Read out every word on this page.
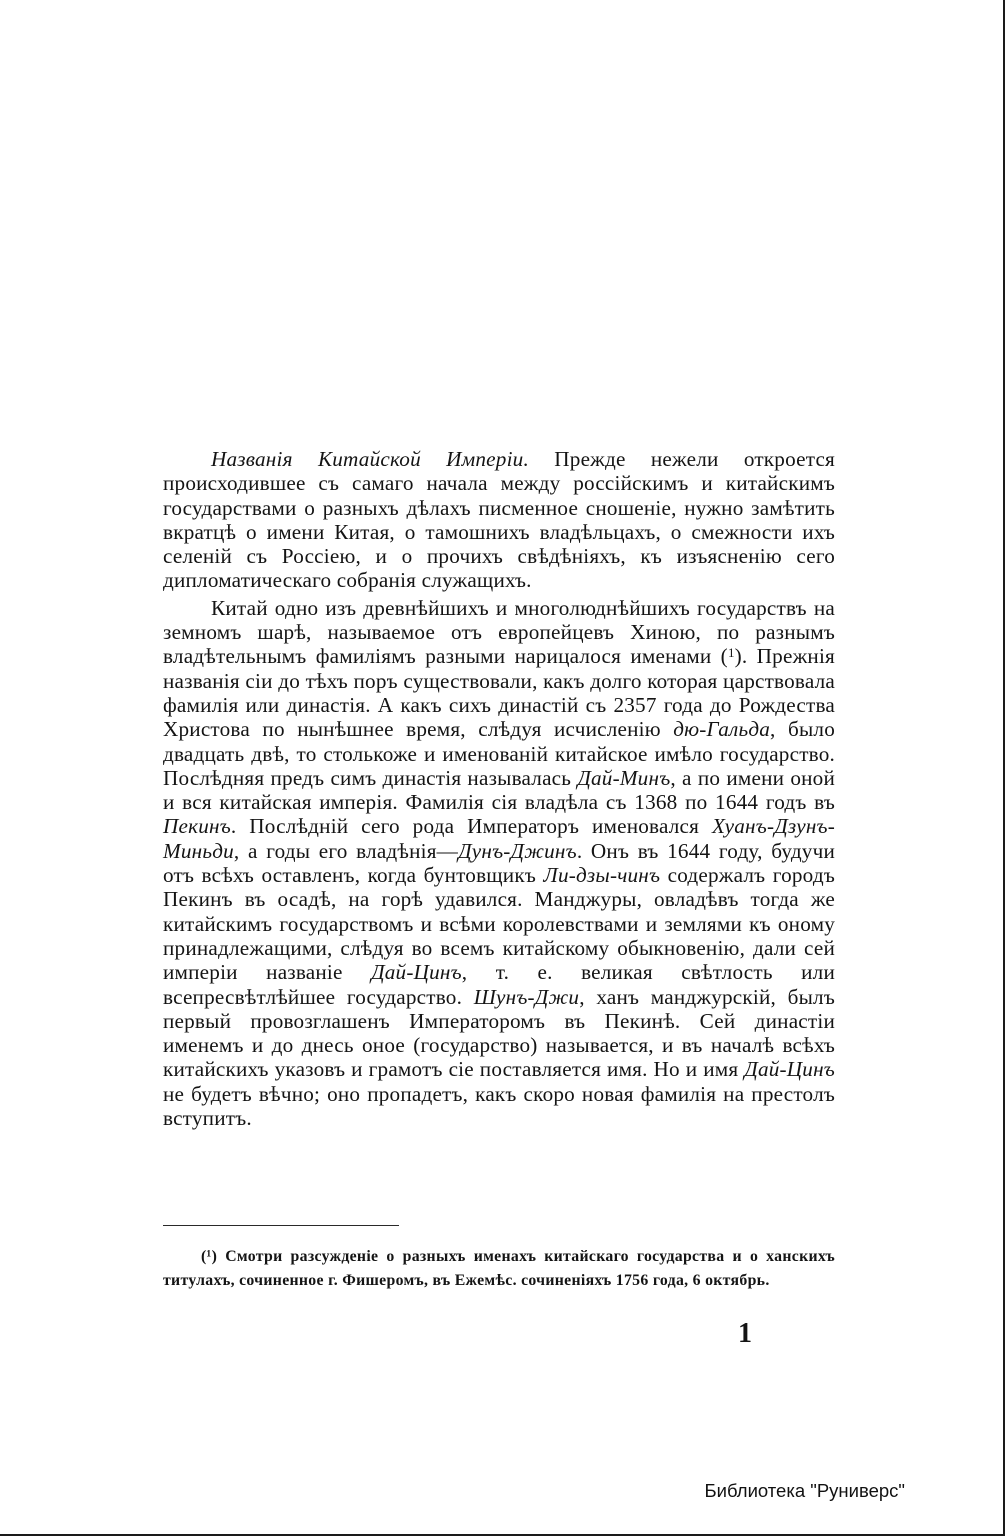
Названія Китайской Имперіи. Прежде нежели откроется происходившее съ самаго начала между россійскимъ и китайскимъ государствами о разныхъ дѣлахъ писменное сношеніе, нужно замѣтить вкратцѣ о имени Китая, о тамошнихъ владѣльцахъ, о смежности ихъ селеній съ Россіею, и о прочихъ свѣдѣніяхъ, къ изъясненію сего дипломатическаго собранія служащихъ.

Китай одно изъ древнѣйшихъ и многолюднѣйшихъ государствъ на земномъ шарѣ, называемое отъ европейцевъ Хиною, по разнымъ владѣтельнымъ фамиліямъ разными нарицалося именами ($^1$). Прежнія названія сіи до тѣхъ поръ существовали, какъ долго которая царствовала фамилія или династія. А какъ сихъ династій съ 2357 года до Рождества Христова по нынѣшнее время, слѣдуя исчисленію дю-Гальда, было двадцать двѣ, то столькоже и именованій китайское имѣло государство. Послѣдняя предъ симъ династія называлась Дай-Минъ, а по имени оной и вся китайская имперія. Фамилія сія владѣла съ 1368 по 1644 годъ въ Пекинъ. Послѣдній сего рода Императоръ именовался Хуанъ-Дзунъ-Миньди, а годы его владѣнія—Дунъ-Джинъ. Онъ въ 1644 году, будучи отъ всѣхъ оставленъ, когда бунтовщикъ Ли-дзы-чинъ содержалъ городъ Пекинъ въ осадѣ, на горѣ удавился. Манджуры, овладѣвъ тогда же китайскимъ государствомъ и всѣми королевствами и землями къ оному принадлежащими, слѣдуя во всемъ китайскому обыкновенію, дали сей имперіи названіе Дай-Цинъ, т. е. великая свѣтлость или всепресвѣтлѣйшее государство. Шунъ-Джи, ханъ манджурскій, былъ первый провозглашенъ Императоромъ въ Пекинѣ. Сей династіи именемъ и до днесь оное (государство) называется, и въ началѣ всѣхъ китайскихъ указовъ и грамотъ сіе поставляется имя. Но и имя Дай-Цинъ не будетъ вѣчно; оно пропадетъ, какъ скоро новая фамилія на престолъ вступитъ.

(¹) Смотри разсужденіе о разныхъ именахъ китайскаго государства и о ханскихъ титулахъ, сочиненное г. Фишеромъ, въ Ежемѣс. сочиненіяхъ 1756 года, 6 октябрь.
1
Библиотека "Руниверс"
